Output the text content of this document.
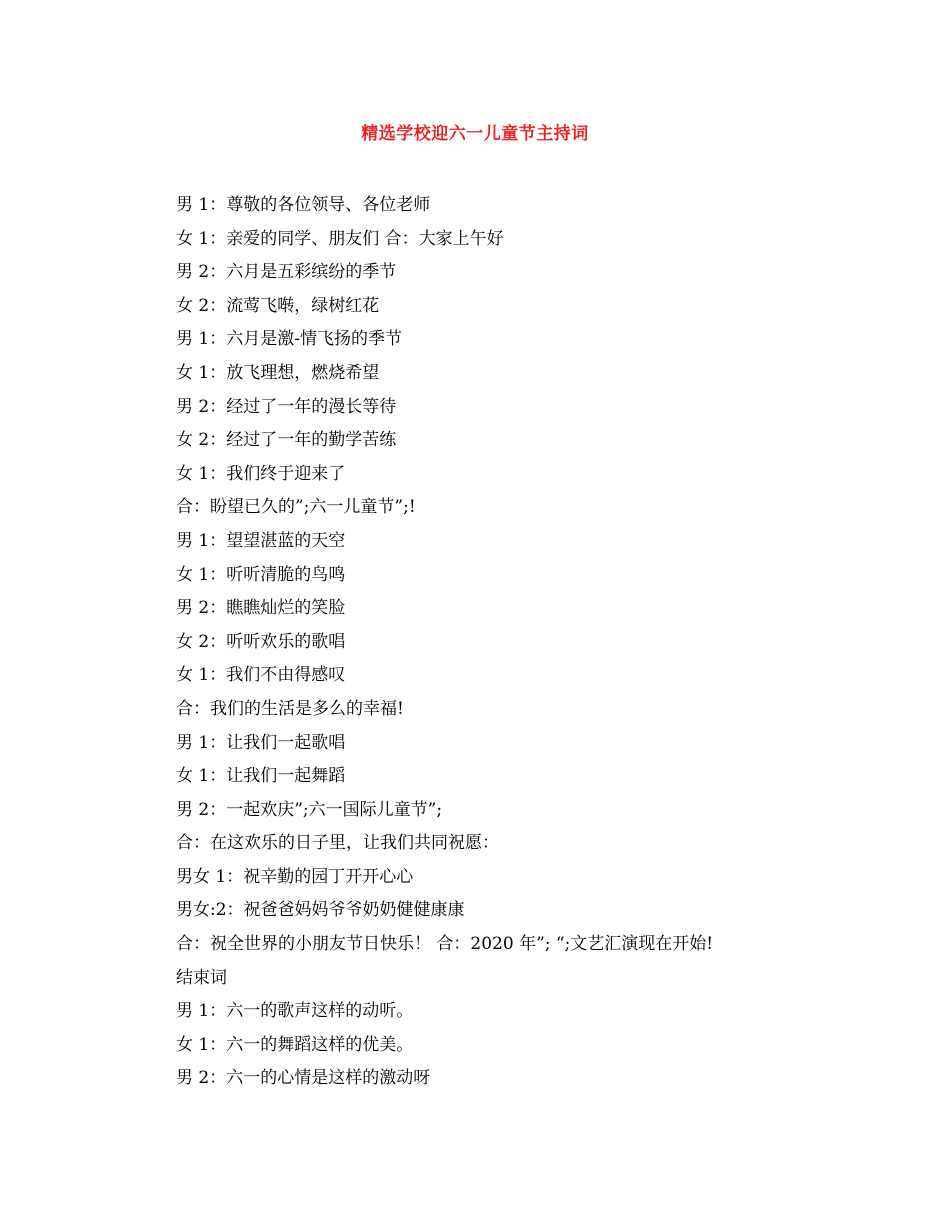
精选学校迎六一儿童节主持词
男 1：尊敬的各位领导、各位老师
女 1：亲爱的同学、朋友们 合：大家上午好
男 2：六月是五彩缤纷的季节
女 2：流莺飞啭，绿树红花
男 1：六月是激-情飞扬的季节
女 1：放飞理想，燃烧希望
男 2：经过了一年的漫长等待
女 2：经过了一年的勤学苦练
女 1：我们终于迎来了
合：盼望已久的”;六一儿童节”;!
男 1：望望湛蓝的天空
女 1：听听清脆的鸟鸣
男 2：瞧瞧灿烂的笑脸
女 2：听听欢乐的歌唱
女 1：我们不由得感叹
合：我们的生活是多么的幸福!
男 1：让我们一起歌唱
女 1：让我们一起舞蹈
男 2：一起欢庆”;六一国际儿童节”;
合：在这欢乐的日子里，让我们共同祝愿：
男女 1：祝辛勤的园丁开开心心
男女:2：祝爸爸妈妈爷爷奶奶健健康康
合：祝全世界的小朋友节日快乐！ 合：2020 年”; “;文艺汇演现在开始!
结束词
男 1：六一的歌声这样的动听。
女 1：六一的舞蹈这样的优美。
男 2：六一的心情是这样的激动呀
